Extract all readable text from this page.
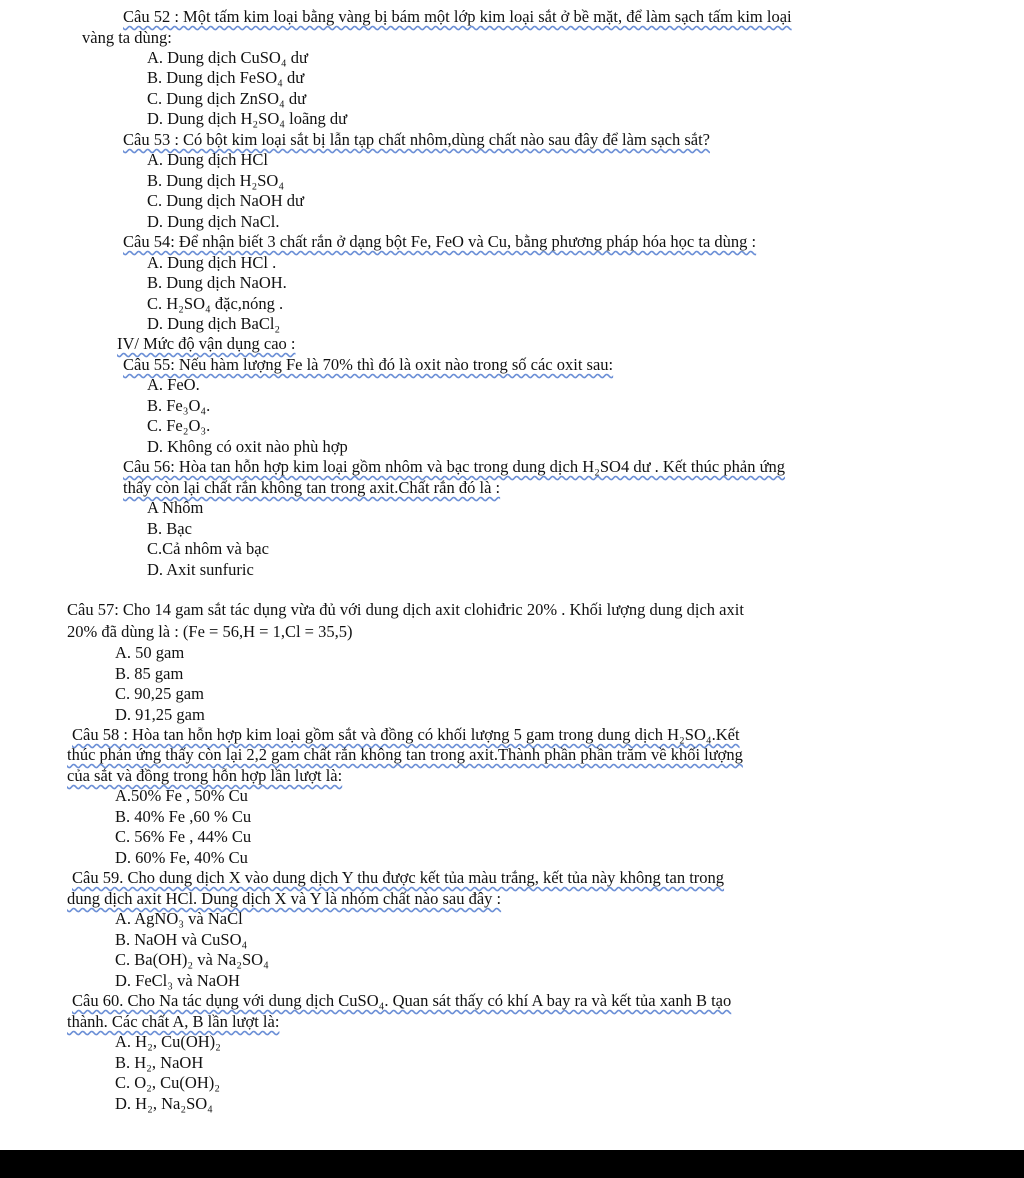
Câu 52 : Một tấm kim loại bằng vàng bị bám một lớp kim loại sắt ở bề mặt, để làm sạch tấm kim loại
vàng ta dùng:
A. Dung dịch CuSO₄ dư
B. Dung dịch FeSO₄ dư
C. Dung dịch ZnSO₄ dư
D. Dung dịch H₂SO₄ loãng dư
Câu 53 : Có bột kim loại sắt bị lẫn tạp chất nhôm,dùng chất nào sau đây để làm sạch sắt?
A. Dung dịch HCl
B. Dung dịch H₂SO₄
C. Dung dịch NaOH dư
D. Dung dịch NaCl.
Câu 54: Để nhận biết 3 chất rắn ở dạng bột Fe, FeO và Cu, bằng phương pháp hóa học ta dùng :
A. Dung dịch HCl .
B. Dung dịch NaOH.
C. H₂SO₄ đặc,nóng .
D. Dung dịch BaCl₂
IV/ Mức độ vận dụng cao :
Câu 55: Nếu hàm lượng Fe là 70% thì đó là oxit nào trong số các oxit sau:
A. FeO.
B. Fe₃O₄.
C. Fe₂O₃.
D. Không có oxit nào phù hợp
Câu 56: Hòa tan hỗn hợp kim loại gồm nhôm và bạc trong dung dịch H₂SO4 dư . Kết thúc phản ứng
thấy còn lại chất rắn không tan trong axit.Chất rắn đó là :
A Nhôm
B. Bạc
C.Cả nhôm và bạc
D. Axit sunfuric
Câu 57: Cho 14 gam sắt tác dụng vừa đủ với dung dịch axit clohiđric 20% . Khối lượng dung dịch axit
20% đã dùng là : (Fe = 56,H = 1,Cl = 35,5)
A. 50 gam
B. 85 gam
C. 90,25 gam
D. 91,25 gam
Câu 58 : Hòa tan hỗn hợp kim loại gồm sắt và đồng có khối lượng 5 gam trong dung dịch H₂SO₄.Kết
thúc phản ứng thấy còn lại 2,2 gam chất rắn không tan trong axit.Thành phần phần trăm về khối lượng
của sắt và đồng trong hỗn hợp lần lượt là:
A.50% Fe , 50% Cu
B. 40% Fe ,60 % Cu
C. 56% Fe , 44% Cu
D. 60% Fe, 40% Cu
Câu 59. Cho dung dịch X vào dung dịch Y thu được kết tủa màu trắng, kết tủa này không tan trong
dung dịch axit HCl. Dung dịch X và Y là nhóm chất nào sau đây :
A. AgNO₃ và NaCl
B. NaOH và CuSO₄
C. Ba(OH)₂ và Na₂SO₄
D. FeCl₃ và NaOH
Câu 60. Cho Na tác dụng với dung dịch CuSO₄. Quan sát thấy có khí A bay ra và kết tủa xanh B tạo
thành. Các chất A, B lần lượt là:
A. H₂, Cu(OH)₂
B. H₂, NaOH
C. O₂, Cu(OH)₂
D. H₂, Na₂SO₄
